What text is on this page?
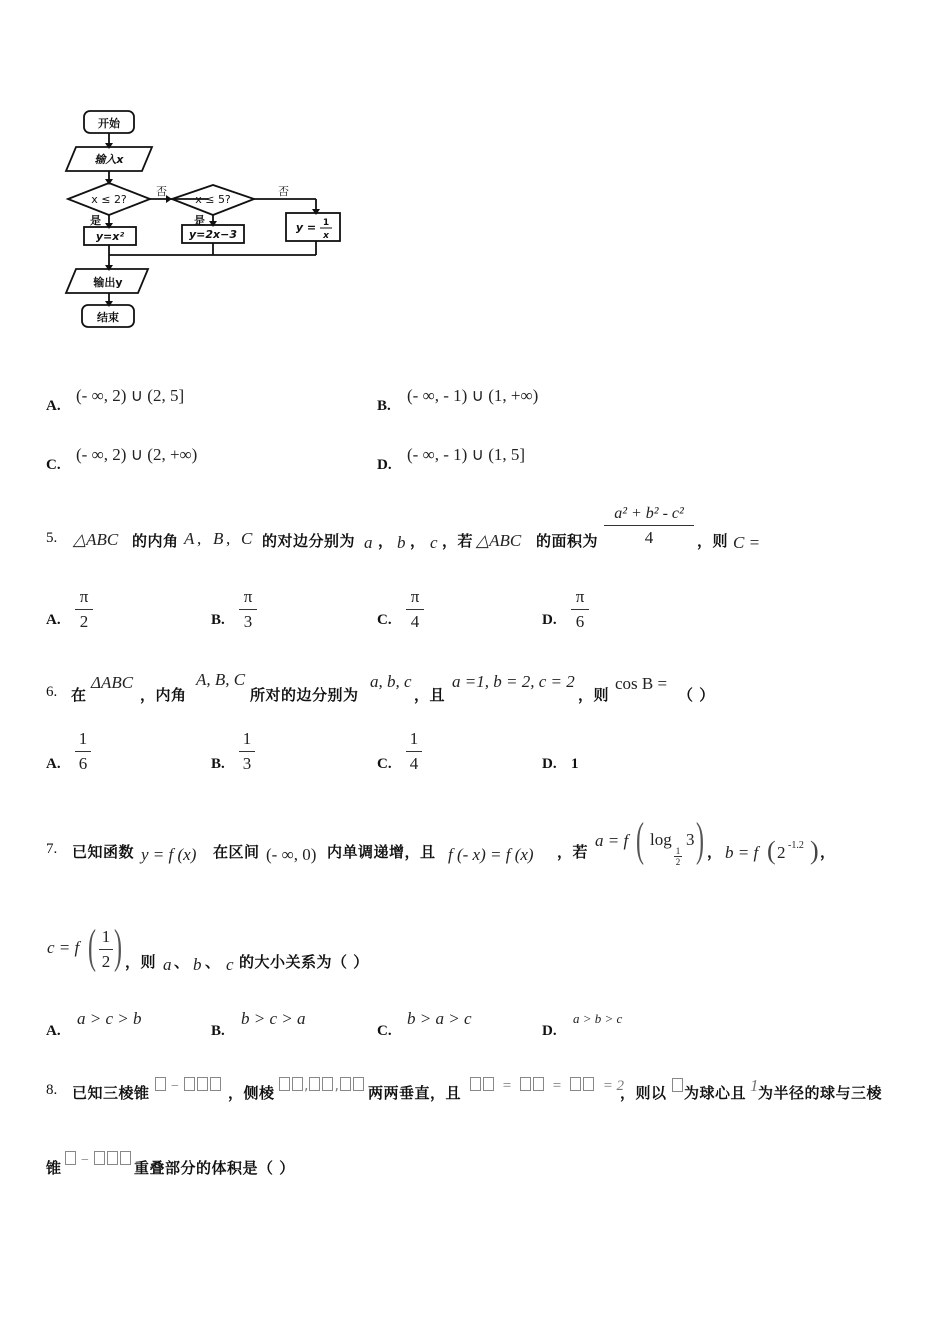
开始
输入x
x ≤ 2?
否
是
x ≤ 5?
否
是
y=x²	y=2x−3
y = 1
x
输出y
结束
A.
(- ∞, 2) ∪ (2, 5]
B.
(- ∞, - 1) ∪ (1, +∞)
C.
(- ∞, 2) ∪ (2, +∞)
D.
(- ∞, - 1) ∪ (1, 5]
5. △ABC 的内角 A , B , C 的对边分别为 a ， b ， c ，若 △ABC 的面积为
a² + b² - c²
4	，则 C =
A.
π
2	B.
π
3	C.
π
4	D.
π
6
6. 在
ΔABC
，内角
A, B, C
所对的边分别为
a, b, c
，且
a =1, b = 2, c = 2
，则
cos B =
（ ）
A.
1
6	B.
1
3	C.
1
4	D. 1
7. 已知函数 y = f (x) 在区间 (- ∞, 0) 内单调递增，且 f (- x) = f (x) ，若
a = f ( log
1
2
3 ) ， b = f ( 2 -1.2 ) ，
c = f ( 1
2 ) ，则 a 、 b 、 c 的大小关系为（ ）
A.
a > c > b
B.
b > c > a
C.
b > a > c
D.
a > b > c
8. 已知三棱锥	−	，侧棱	, ,	两两垂直，且	=	=	= 2
，则以 为球心且 1 为半径的球与三棱
锥	−	重叠部分的体积是（ ）
